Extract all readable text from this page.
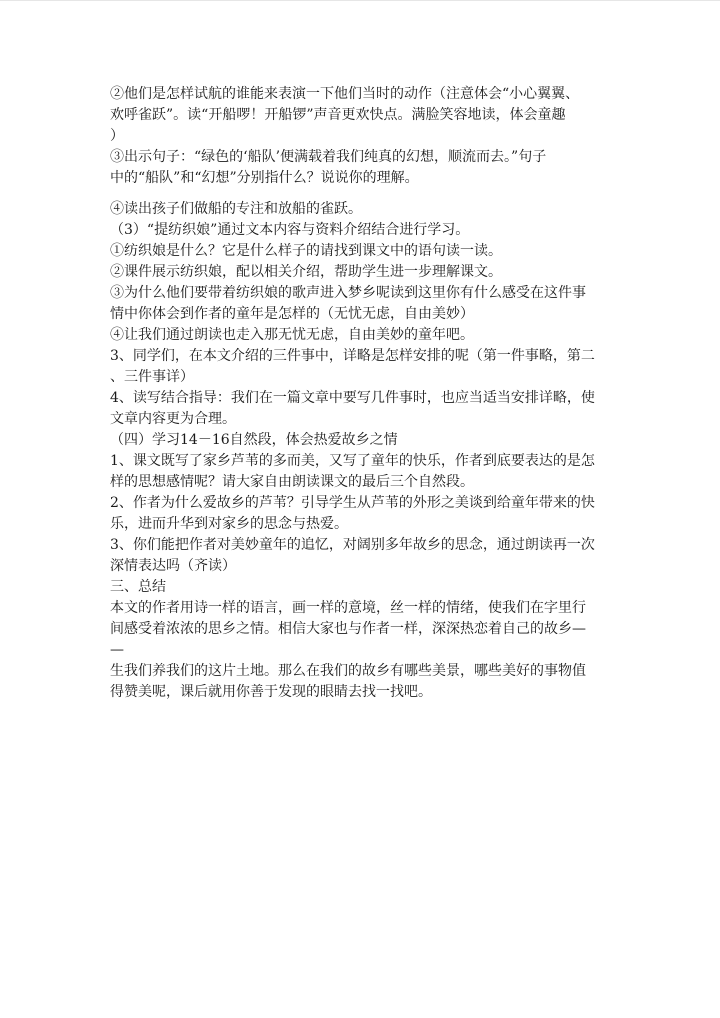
②他们是怎样试航的谁能来表演一下他们当时的动作（注意体会“小心翼翼、

欢呼雀跃”。读“开船啰！开船锣”声音更欢快点。满脸笑容地读，体会童趣

）

③出示句子：“绿色的‘船队’便满载着我们纯真的幻想，顺流而去。”句子

中的“船队”和“幻想”分别指什么？说说你的理解。

④读出孩子们做船的专注和放船的雀跃。

（3）“提纺织娘”通过文本内容与资料介绍结合进行学习。

①纺织娘是什么？它是什么样子的请找到课文中的语句读一读。

②课件展示纺织娘，配以相关介绍，帮助学生进一步理解课文。

③为什么他们要带着纺织娘的歌声进入梦乡呢读到这里你有什么感受在这件事

情中你体会到作者的童年是怎样的（无忧无虑，自由美妙）

④让我们通过朗读也走入那无忧无虑，自由美妙的童年吧。

3、同学们，在本文介绍的三件事中，详略是怎样安排的呢（第一件事略，第二

、三件事详）

4、读写结合指导：我们在一篇文章中要写几件事时，也应当适当安排详略，使

文章内容更为合理。

（四）学习14－16自然段，体会热爱故乡之情

1、课文既写了家乡芦苇的多而美，又写了童年的快乐，作者到底要表达的是怎

样的思想感情呢？请大家自由朗读课文的最后三个自然段。

2、作者为什么爱故乡的芦苇？引导学生从芦苇的外形之美谈到给童年带来的快

乐，进而升华到对家乡的思念与热爱。

3、你们能把作者对美妙童年的追忆，对阔别多年故乡的思念，通过朗读再一次

深情表达吗（齐读）

三、总结

本文的作者用诗一样的语言，画一样的意境，丝一样的情绪，使我们在字里行

间感受着浓浓的思乡之情。相信大家也与作者一样，深深热恋着自己的故乡—

—

生我们养我们的这片土地。那么在我们的故乡有哪些美景，哪些美好的事物值

得赞美呢，课后就用你善于发现的眼睛去找一找吧。
